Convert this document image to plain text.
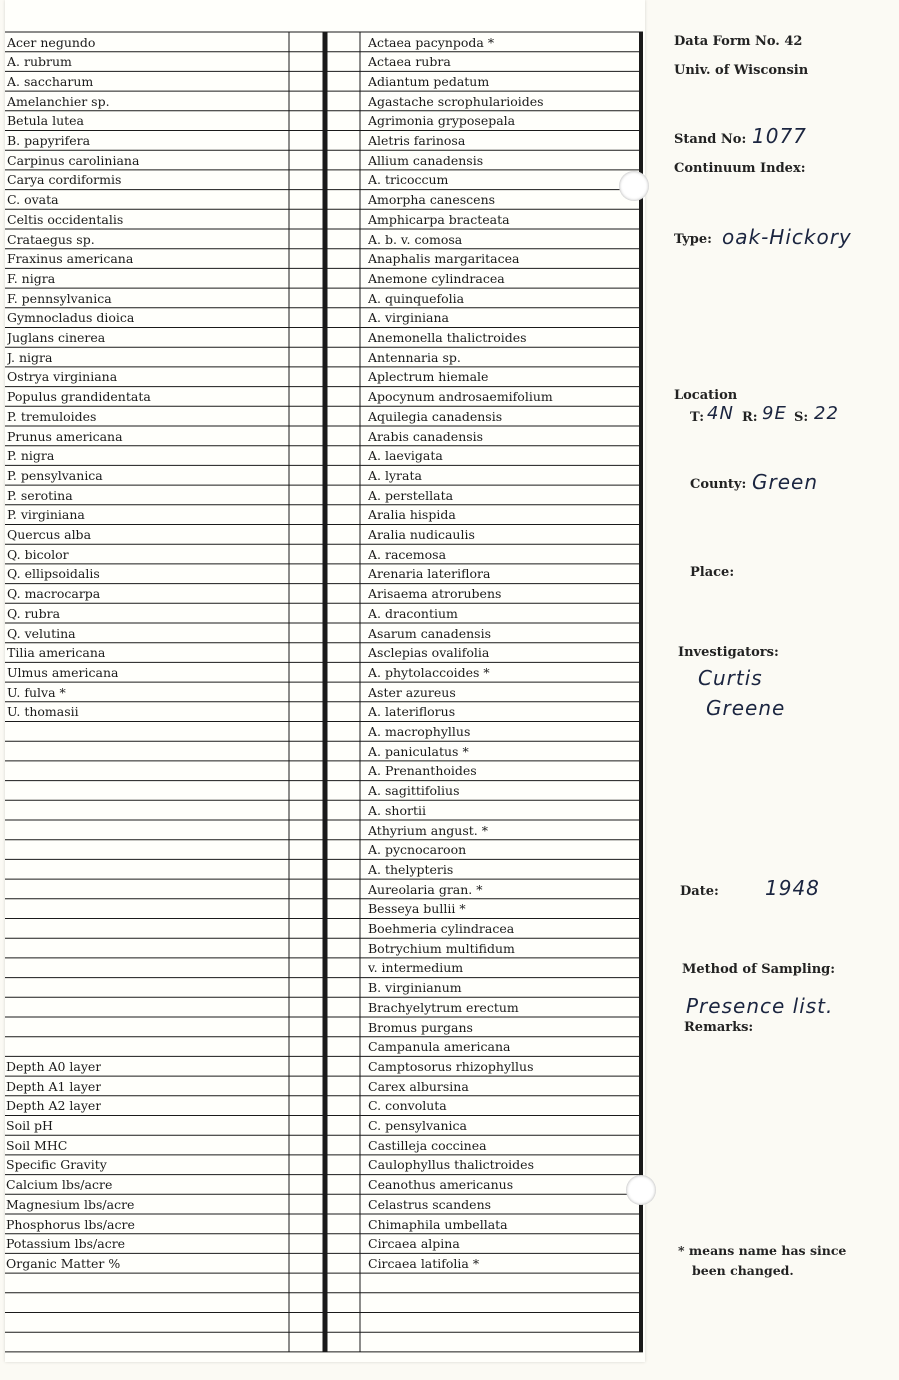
Acer negundo
A. rubrum
A. saccharum
Amelanchier sp.
Betula lutea
B. papyrifera
Carpinus caroliniana
Carya cordiformis
C. ovata
Celtis occidentalis
Crataegus sp.
Fraxinus americana
F. nigra
F. pennsylvanica
Gymnocladus dioica
Juglans cinerea
J. nigra
Ostrya virginiana
Populus grandidentata
P. tremuloides
Prunus americana
P. nigra
P. pensylvanica
P. serotina
P. virginiana
Quercus alba
Q. bicolor
Q. ellipsoidalis
Q. macrocarpa
Q. rubra
Q. velutina
Tilia americana
Ulmus americana
U. fulva *
U. thomasii
Depth A0 layer
Depth A1 layer
Depth A2 layer
Soil pH
Soil MHC
Specific Gravity
Calcium lbs/acre
Magnesium lbs/acre
Phosphorus lbs/acre
Potassium lbs/acre
Organic Matter %
Actaea pacynpoda *
Actaea rubra
Adiantum pedatum
Agastache scrophularioides
Agrimonia gryposepala
Aletris farinosa
Allium canadensis
A. tricoccum
Amorpha canescens
Amphicarpa bracteata
A. b. v. comosa
Anaphalis margaritacea
Anemone cylindracea
A. quinquefolia
A. virginiana
Anemonella thalictroides
Antennaria sp.
Aplectrum hiemale
Apocynum androsaemifolium
Aquilegia canadensis
Arabis canadensis
A. laevigata
A. lyrata
A. perstellata
Aralia hispida
Aralia nudicaulis
A. racemosa
Arenaria lateriflora
Arisaema atrorubens
A. dracontium
Asarum canadensis
Asclepias ovalifolia
A. phytolaccoides *
Aster azureus
A. lateriflorus
A. macrophyllus
A. paniculatus *
A. Prenanthoides
A. sagittifolius
A. shortii
Athyrium angust. *
A. pycnocaroon
A. thelypteris
Aureolaria gran. *
Besseya bullii *
Boehmeria cylindracea
Botrychium multifidum
v. intermedium
B. virginianum
Brachyelytrum erectum
Bromus purgans
Campanula americana
Camptosorus rhizophyllus
Carex albursina
C. convoluta
C. pensylvanica
Castilleja coccinea
Caulophyllus thalictroides
Ceanothus americanus
Celastrus scandens
Chimaphila umbellata
Circaea alpina
Circaea latifolia *
Data Form No. 42
Univ. of Wisconsin
Stand No: 1077
Continuum Index:
Type: oak-Hickory
Location
T: 4N R: 9E S: 22
County: Green
Place:
Investigators:
Curtis
Greene
Date: 1948
Method of Sampling:
Presence list.
Remarks:
* means name has since
been changed.
